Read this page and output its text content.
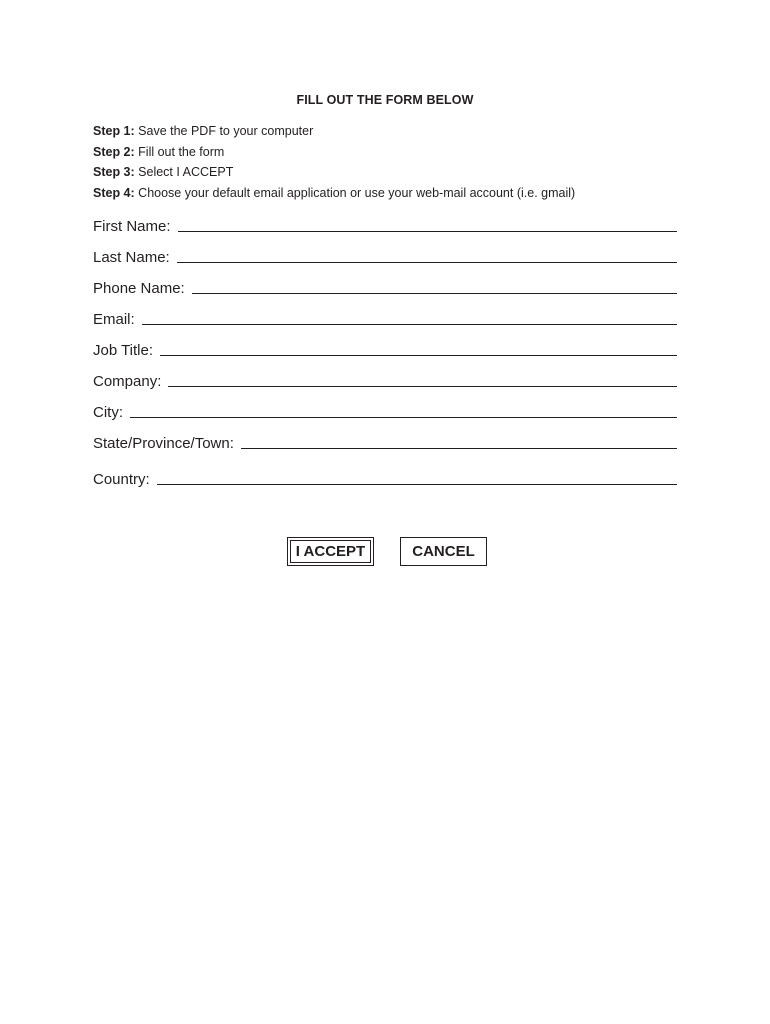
FILL OUT THE FORM BELOW
Step 1: Save the PDF to your computer
Step 2: Fill out the form
Step 3: Select I ACCEPT
Step 4: Choose your default email application or use your web-mail account (i.e. gmail)
First Name:
Last Name:
Phone Name:
Email:
Job Title:
Company:
City:
State/Province/Town:
Country:
I ACCEPT	CANCEL
